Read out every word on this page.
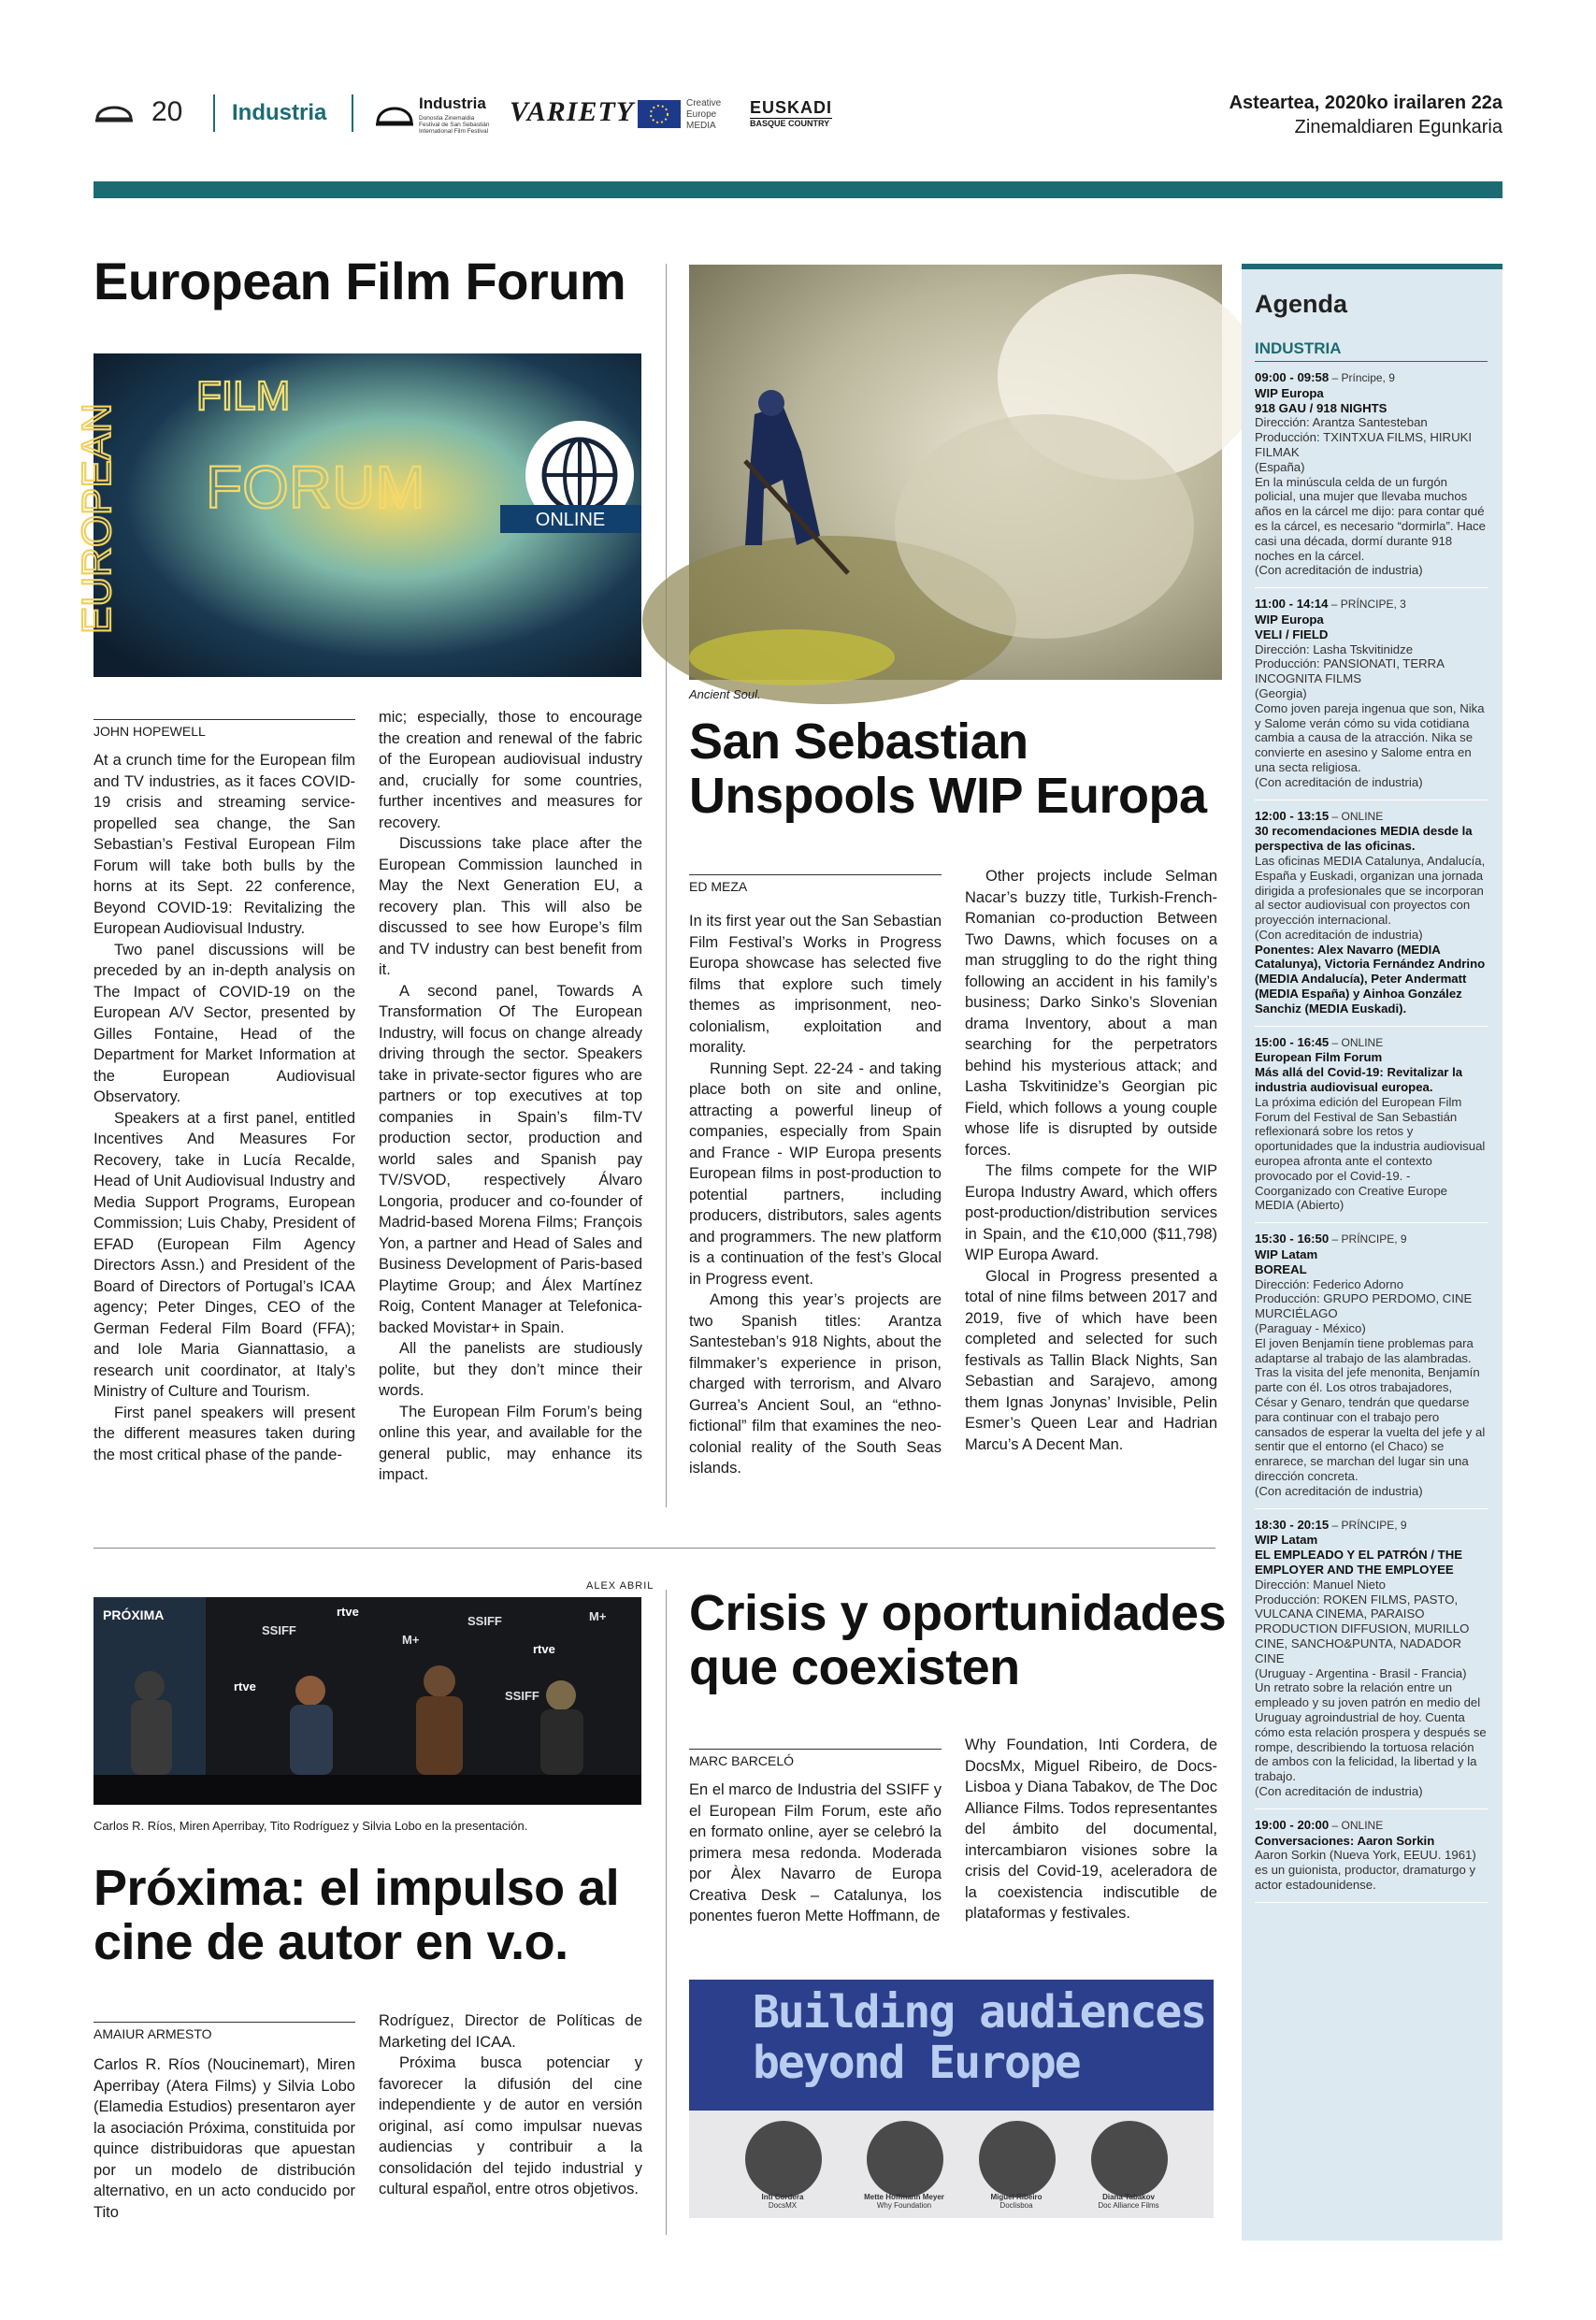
20 Industria	Industria
Donostia Zinemaldia Festival de San Sebastián International Film Festival
VARIETY	Creative Europe MEDIA
EUSKADI
BASQUE COUNTRY
Asteartea, 2020ko irailaren 22a
Zinemaldiaren Egunkaria
European Film Forum
EUROPEAN
FILM
FORUM	ONLINE
JOHN HOPEWELL

At a crunch time for the European film and TV industries, as it faces COVID-19 crisis and streaming service-propelled sea change, the San Sebastian’s Festival European Film Forum will take both bulls by the horns at its Sept. 22 conference, Beyond COVID-19: Revitalizing the European Audiovisual Industry.

Two panel discussions will be preceded by an in-depth analysis on The Impact of COVID-19 on the European A/V Sector, presented by Gilles Fontaine, Head of the Department for Market Information at the European Audiovisual Observatory.

Speakers at a first panel, entitled Incentives And Measures For Recovery, take in Lucía Recalde, Head of Unit Audiovisual Industry and Media Support Programs, European Commission; Luis Chaby, President of EFAD (European Film Agency Directors Assn.) and President of the Board of Directors of Portugal’s ICAA agency; Peter Dinges, CEO of the German Federal Film Board (FFA); and Iole Maria Giannattasio, a research unit coordinator, at Italy’s Ministry of Culture and Tourism.

First panel speakers will present the different measures taken during the most critical phase of the pande-

mic; especially, those to encourage the creation and renewal of the fabric of the European audiovisual industry and, crucially for some countries, further incentives and measures for recovery.

Discussions take place after the European Commission launched in May the Next Generation EU, a recovery plan. This will also be discussed to see how Europe’s film and TV industry can best benefit from it.

A second panel, Towards A Transformation Of The European Industry, will focus on change already driving through the sector. Speakers take in private-sector figures who are partners or top executives at top companies in Spain’s film-TV production sector, production and world sales and Spanish pay TV/SVOD, respectively Álvaro Longoria, producer and co-founder of Madrid-based Morena Films; François Yon, a partner and Head of Sales and Business Development of Paris-based Playtime Group; and Álex Martínez Roig, Content Manager at Telefonica-backed Movistar+ in Spain.

All the panelists are studiously polite, but they don’t mince their words.

The European Film Forum’s being online this year, and available for the general public, may enhance its impact.

Ancient Soul.
San Sebastian
Unspools WIP Europa
ED MEZA

In its first year out the San Sebastian Film Festival’s Works in Progress Europa showcase has selected five films that explore such timely themes as imprisonment, neo-colonialism, exploitation and morality.

Running Sept. 22-24 - and taking place both on site and online, attracting a powerful lineup of companies, especially from Spain and France - WIP Europa presents European films in post-production to potential partners, including producers, distributors, sales agents and programmers. The new platform is a continuation of the fest’s Glocal in Progress event.

Among this year’s projects are two Spanish titles: Arantza Santesteban’s 918 Nights, about the filmmaker’s experience in prison, charged with terrorism, and Alvaro Gurrea’s Ancient Soul, an “ethno-fictional” film that examines the neo-colonial reality of the South Seas islands.

Other projects include Selman Nacar’s buzzy title, Turkish-French-Romanian co-production Between Two Dawns, which focuses on a man struggling to do the right thing following an accident in his family’s business; Darko Sinko’s Slovenian drama Inventory, about a man searching for the perpetrators behind his mysterious attack; and Lasha Tskvitinidze’s Georgian pic Field, which follows a young couple whose life is disrupted by outside forces.

The films compete for the WIP Europa Industry Award, which offers post-production/distribution services in Spain, and the €10,000 ($11,798) WIP Europa Award.

Glocal in Progress presented a total of nine films between 2017 and 2019, five of which have been completed and selected for such festivals as Tallin Black Nights, San Sebastian and Sarajevo, among them Ignas Jonynas’ Invisible, Pelin Esmer’s Queen Lear and Hadrian Marcu’s A Decent Man.

ALEX ABRIL
PRÓXIMA
SSIFF
rtve
M+
SSIFF
rtve
M+
rtve
SSIFF
Carlos R. Ríos, Miren Aperribay, Tito Rodríguez y Silvia Lobo en la presentación.
Próxima: el impulso al
cine de autor en v.o.
AMAIUR ARMESTO

Carlos R. Ríos (Noucinemart), Miren Aperribay (Atera Films) y Silvia Lobo (Elamedia Estudios) presentaron ayer la asociación Próxima, constituida por quince distribuidoras que apuestan por un modelo de distribución alternativo, en un acto conducido por Tito

Rodríguez, Director de Políticas de Marketing del ICAA.

Próxima busca potenciar y favorecer la difusión del cine independiente y de autor en versión original, así como impulsar nuevas audiencias y contribuir a la consolidación del tejido industrial y cultural español, entre otros objetivos.

Crisis y oportunidades
que coexisten
MARC BARCELÓ

En el marco de Industria del SSIFF y el European Film Forum, este año en formato online, ayer se celebró la primera mesa redonda. Moderada por Àlex Navarro de Europa Creativa Desk – Catalunya, los ponentes fueron Mette Hoffmann, de

Why Foundation, Inti Cordera, de DocsMx, Miguel Ribeiro, de Docs-Lisboa y Diana Tabakov, de The Doc Alliance Films. Todos representantes del ámbito del documental, intercambiaron visiones sobre la crisis del Covid-19, aceleradora de la coexistencia indiscutible de plataformas y festivales.

Building audiences
beyond Europe
Inti Cordera
DocsMX
Mette Hoffmann Meyer
Why Foundation
Miguel Ribeiro
Doclisboa
Diana Tabakov
Doc Alliance Films
Agenda
INDUSTRIA
09:00 - 09:58 – Príncipe, 9
WIP Europa
918 GAU / 918 NIGHTS
Dirección: Arantza Santesteban
Producción: TXINTXUA FILMS, HIRUKI FILMAK
(España)
En la minúscula celda de un furgón policial, una mujer que llevaba muchos años en la cárcel me dijo: para contar qué es la cárcel, es necesario “dormirla”. Hace casi una década, dormí durante 918 noches en la cárcel.
(Con acreditación de industria)
11:00 - 14:14 – PRÍNCIPE, 3
WIP Europa
VELI / FIELD
Dirección: Lasha Tskvitinidze
Producción: PANSIONATI, TERRA INCOGNITA FILMS
(Georgia)
Como joven pareja ingenua que son, Nika y Salome verán cómo su vida cotidiana cambia a causa de la atracción. Nika se convierte en asesino y Salome entra en una secta religiosa.
(Con acreditación de industria)
12:00 - 13:15 – ONLINE
30 recomendaciones MEDIA desde la perspectiva de las oficinas.
Las oficinas MEDIA Catalunya, Andalucía, España y Euskadi, organizan una jornada dirigida a profesionales que se incorporan al sector audiovisual con proyectos con proyección internacional.
(Con acreditación de industria)
Ponentes: Alex Navarro (MEDIA Catalunya), Victoria Fernández Andrino (MEDIA Andalucía), Peter Andermatt (MEDIA España) y Ainhoa González Sanchiz (MEDIA Euskadi).
15:00 - 16:45 – ONLINE
European Film Forum
Más allá del Covid-19: Revitalizar la industria audiovisual europea.
La próxima edición del European Film Forum del Festival de San Sebastián reflexionará sobre los retos y oportunidades que la industria audiovisual europea afronta ante el contexto provocado por el Covid-19. - Coorganizado con Creative Europe MEDIA (Abierto)
15:30 - 16:50 – PRÍNCIPE, 9
WIP Latam
BOREAL
Dirección: Federico Adorno
Producción: GRUPO PERDOMO, CINE MURCIÉLAGO
(Paraguay - México)
El joven Benjamín tiene problemas para adaptarse al trabajo de las alambradas. Tras la visita del jefe menonita, Benjamín parte con él. Los otros trabajadores, César y Genaro, tendrán que quedarse para continuar con el trabajo pero cansados de esperar la vuelta del jefe y al sentir que el entorno (el Chaco) se enrarece, se marchan del lugar sin una dirección concreta.
(Con acreditación de industria)
18:30 - 20:15 – PRÍNCIPE, 9
WIP Latam
EL EMPLEADO Y EL PATRÓN / THE EMPLOYER AND THE EMPLOYEE
Dirección: Manuel Nieto
Producción: ROKEN FILMS, PASTO, VULCANA CINEMA, PARAISO PRODUCTION DIFFUSION, MURILLO CINE, SANCHO&PUNTA, NADADOR CINE
(Uruguay - Argentina - Brasil - Francia)
Un retrato sobre la relación entre un empleado y su joven patrón en medio del Uruguay agroindustrial de hoy. Cuenta cómo esta relación prospera y después se rompe, describiendo la tortuosa relación de ambos con la felicidad, la libertad y la trabajo.
(Con acreditación de industria)
19:00 - 20:00 – ONLINE
Conversaciones: Aaron Sorkin
Aaron Sorkin (Nueva York, EEUU. 1961) es un guionista, productor, dramaturgo y actor estadounidense.
